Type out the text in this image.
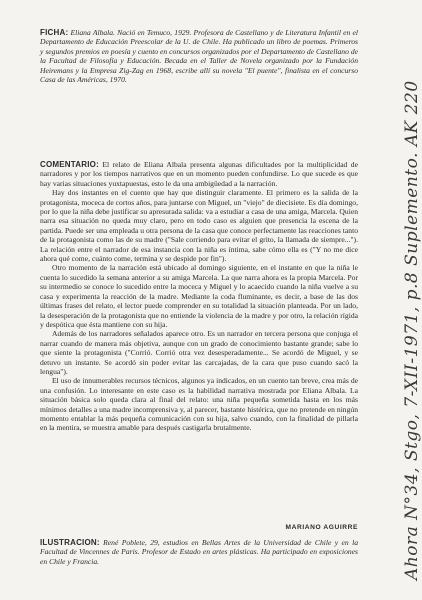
FICHA: Eliana Albala. Nació en Temuco, 1929. Profesora de Castellano y de Literatura Infantil en el Departamento de Educación Preescolar de la U. de Chile. Ha publicado un libro de poemas. Primeros y segundos premios en poesía y cuento en concursos organizados por el Departamento de Castellano de la Facultad de Filosofía y Educación. Becada en el Taller de Novela organizado por la Fundación Heiremans y la Empresa Zig-Zag en 1968, escribe allí su novela "El puente", finalista en el concurso Casa de las Américas, 1970.

COMENTARIO: El relato de Eliana Albala presenta algunas dificultades por la multiplicidad de narradores y por los tiempos narrativos que en un momento pueden confundirse. Lo que sucede es que hay varias situaciones yuxtapuestas, esto le da una ambigüedad a la narración.

Hay dos instantes en el cuento que hay que distinguir claramente. El primero es la salida de la protagonista, moceca de cortos años, para juntarse con Miguel, un "viejo" de diecisiete. Es día domingo, por lo que la niña debe justificar su apresurada salida: va a estudiar a casa de una amiga, Marcela. Quien narra esa situación no queda muy claro, pero en todo caso es alguien que presencia la escena de la partida. Puede ser una empleada u otra persona de la casa que conoce perfectamente las reacciones tanto de la protagonista como las de su madre ("Sale corriendo para evitar el grito, la llamada de siempre..."). La relación entre el narrador de esa instancia con la niña es íntima, sabe cómo ella es ("Y no me dice ahora qué come, cuánto come, termina y se despide por fin").

Otro momento de la narración está ubicado al domingo siguiente, en el instante en que la niña le cuenta lo sucedido la semana anterior a su amiga Marcela. La que narra ahora es la propia Marcela. Por su intermedio se conoce lo sucedido entre la moceca y Miguel y lo acaecido cuando la niña vuelve a su casa y experimenta la reacción de la madre. Mediante la coda fluminante, es decir, a base de las dos últimas frases del relato, el lector puede comprender en su totalidad la situación planteada. Por un lado, la desesperación de la protagonista que no entiende la violencia de la madre y por otro, la relación rígida y despótica que ésta mantiene con su hija.

Además de los narradores señalados aparece otro. Es un narrador en tercera persona que conjuga el narrar cuando de manera más objetiva, aunque con un grado de conocimiento bastante grande; sabe lo que siente la protagonista ("Corrió. Corrió otra vez desesperadamente... Se acordó de Miguel, y se detuvo un instante. Se acordó sin poder evitar las carcajadas, de la cara que puso cuando sacó la lengua").

El uso de innumerables recursos técnicos, algunos ya indicados, en un cuento tan breve, crea más de una confusión. Lo interesante en este caso es la habilidad narrativa mostrada por Eliana Albala. La situación básica solo queda clara al final del relato: una niña pequeña sometida hasta en los más mínimos detalles a una madre incomprensiva y, al parecer, bastante histérica, que no pretende en ningún momento entablar la más pequeña comunicación con su hija, salvo cuando, con la finalidad de pillarla en la mentira, se muestra amable para después castigarla brutalmente.

MARIANO AGUIRRE
ILUSTRACION: René Poblete, 29, estudios en Bellas Artes de la Universidad de Chile y en la Facultad de Vincennes de Paris. Profesor de Estado en artes plásticas. Ha participado en exposiciones en Chile y Francia.	Ahora N°34, Stgo, 7-XII-1971, p.8 Suplemento. AK 220
